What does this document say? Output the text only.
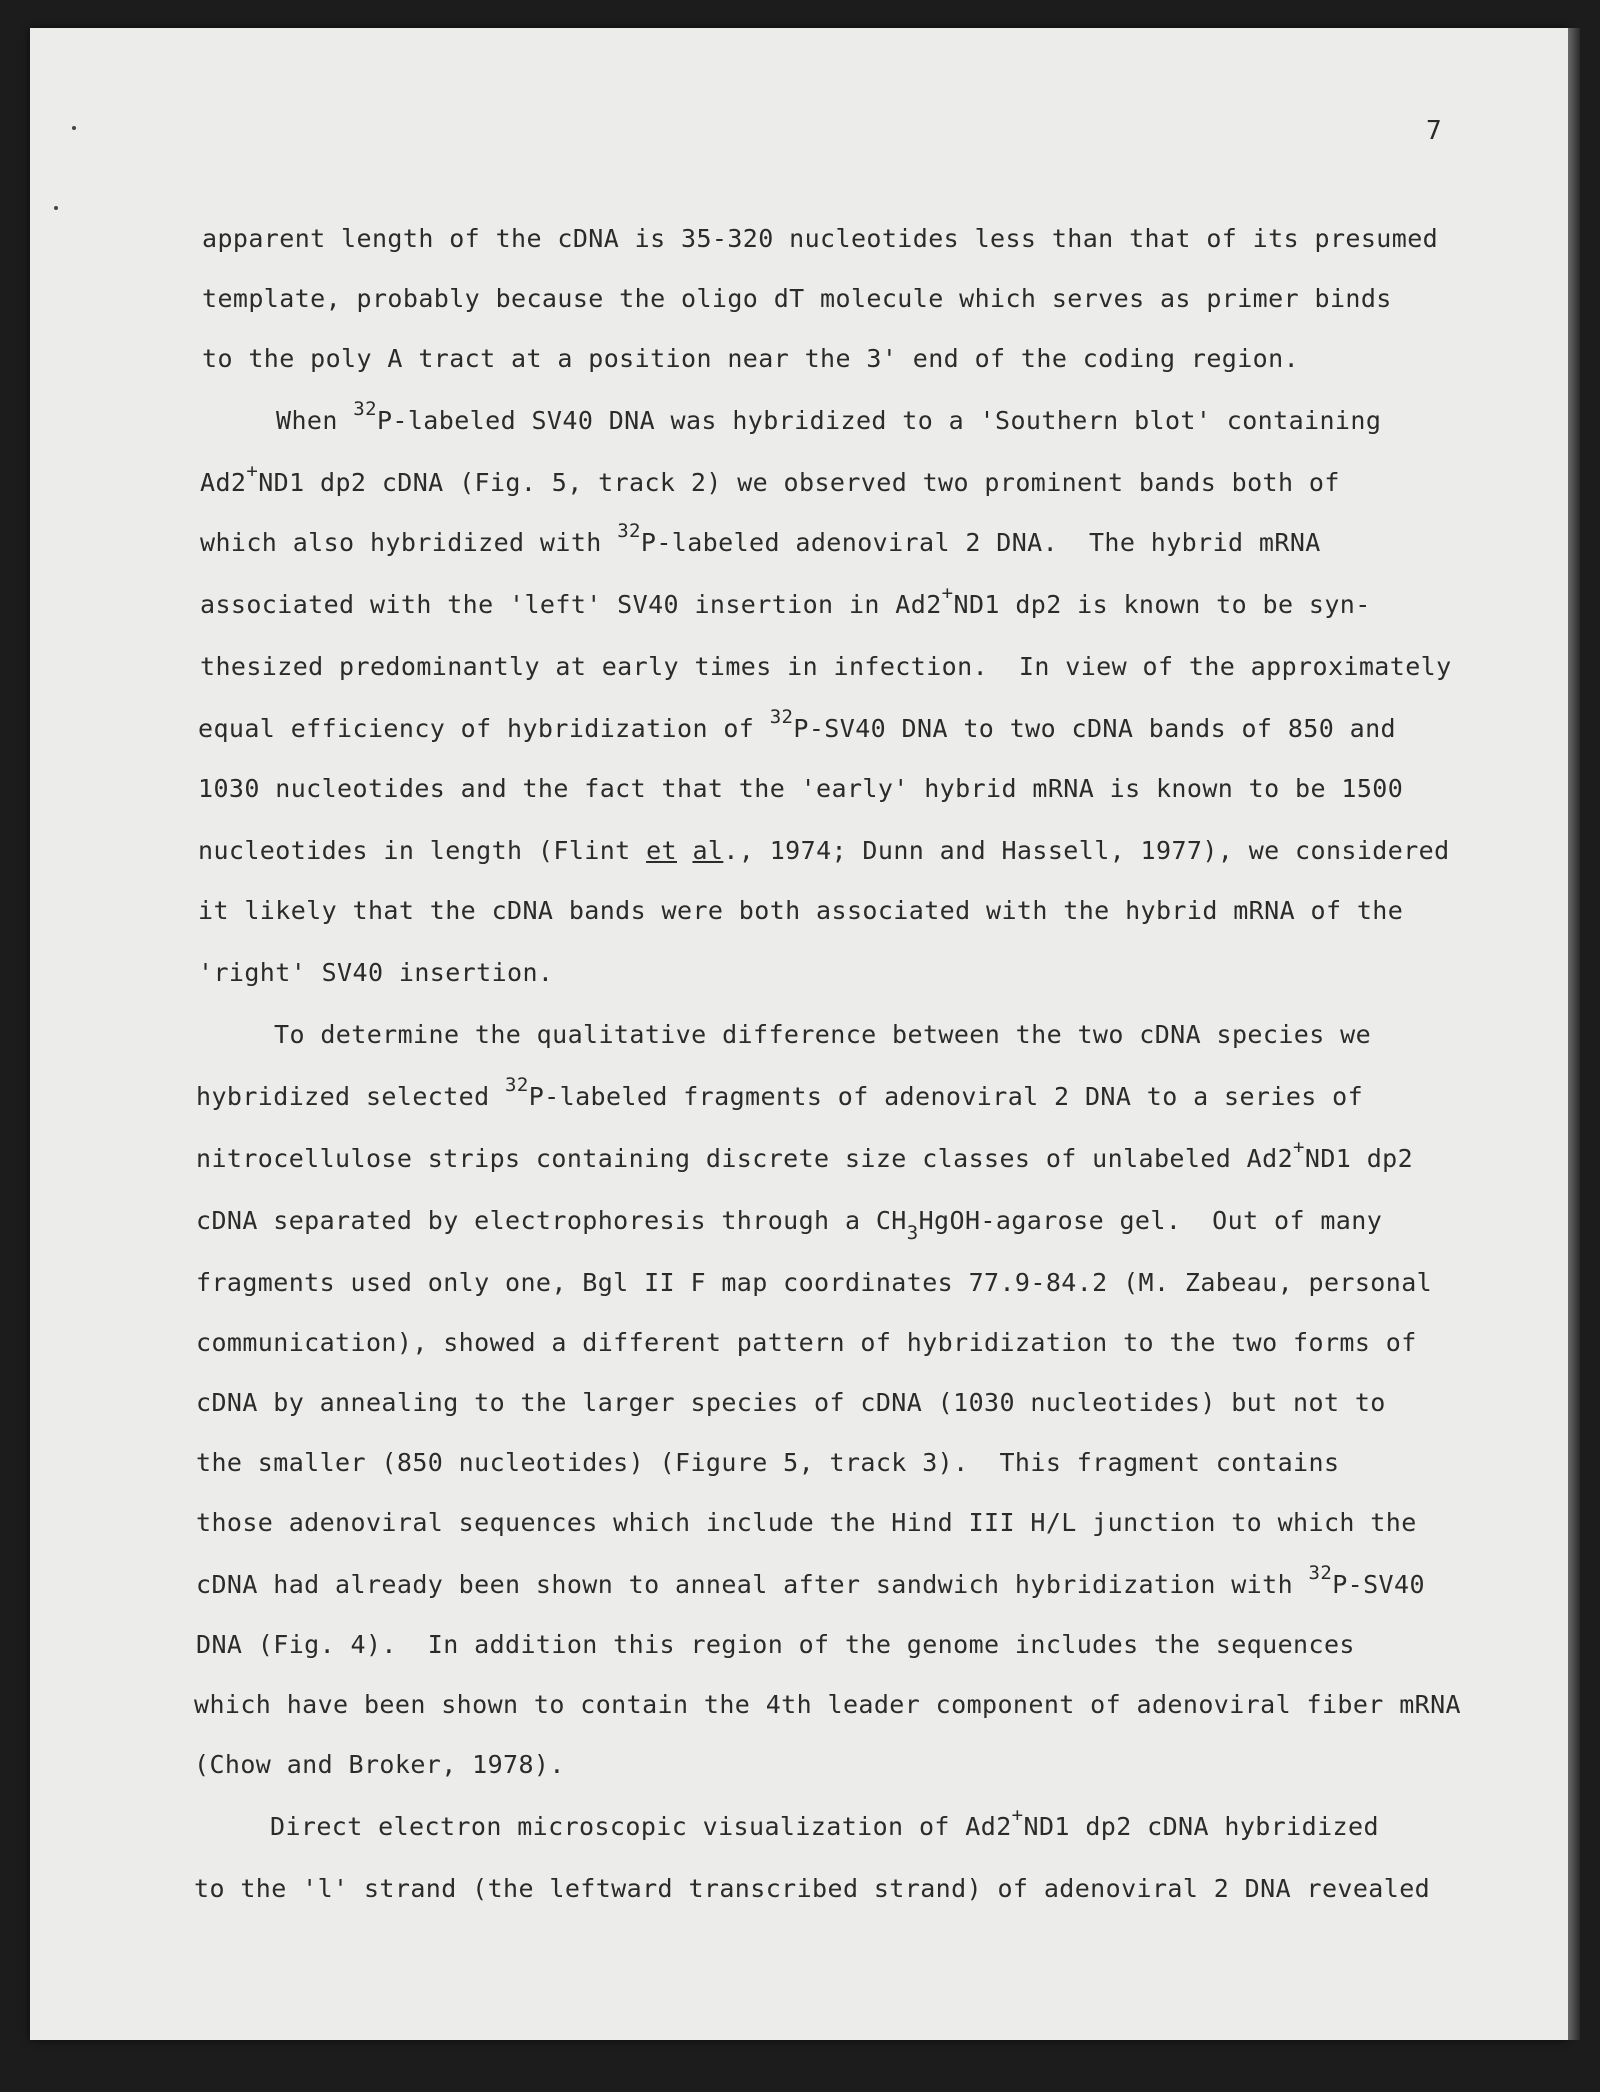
7
apparent length of the cDNA is 35-320 nucleotides less than that of its presumed
template, probably because the oligo dT molecule which serves as primer binds
to the poly A tract at a position near the 3' end of the coding region.
When $^{32}$P-labeled SV40 DNA was hybridized to a 'Southern blot' containing
Ad2+ND1 dp2 cDNA (Fig. 5, track 2) we observed two prominent bands both of
which also hybridized with $^{32}$P-labeled adenoviral 2 DNA.  The hybrid mRNA
associated with the 'left' SV40 insertion in Ad2+ND1 dp2 is known to be syn-
thesized predominantly at early times in infection.  In view of the approximately
equal efficiency of hybridization of $^{32}$P-SV40 DNA to two cDNA bands of 850 and
1030 nucleotides and the fact that the 'early' hybrid mRNA is known to be 1500
nucleotides in length (Flint et al., 1974; Dunn and Hassell, 1977), we considered
it likely that the cDNA bands were both associated with the hybrid mRNA of the
'right' SV40 insertion.
To determine the qualitative difference between the two cDNA species we
hybridized selected $^{32}$P-labeled fragments of adenoviral 2 DNA to a series of
nitrocellulose strips containing discrete size classes of unlabeled Ad2+ND1 dp2
cDNA separated by electrophoresis through a $CH_3HgOH$-agarose gel.  Out of many
fragments used only one, Bgl II F map coordinates 77.9-84.2 (M. Zabeau, personal
communication), showed a different pattern of hybridization to the two forms of
cDNA by annealing to the larger species of cDNA (1030 nucleotides) but not to
the smaller (850 nucleotides) (Figure 5, track 3).  This fragment contains
those adenoviral sequences which include the Hind III H/L junction to which the
cDNA had already been shown to anneal after sandwich hybridization with $^{32}$P-SV40
DNA (Fig. 4).  In addition this region of the genome includes the sequences
which have been shown to contain the 4th leader component of adenoviral fiber mRNA
(Chow and Broker, 1978).
Direct electron microscopic visualization of Ad2+ND1 dp2 cDNA hybridized
to the 'l' strand (the leftward transcribed strand) of adenoviral 2 DNA revealed
